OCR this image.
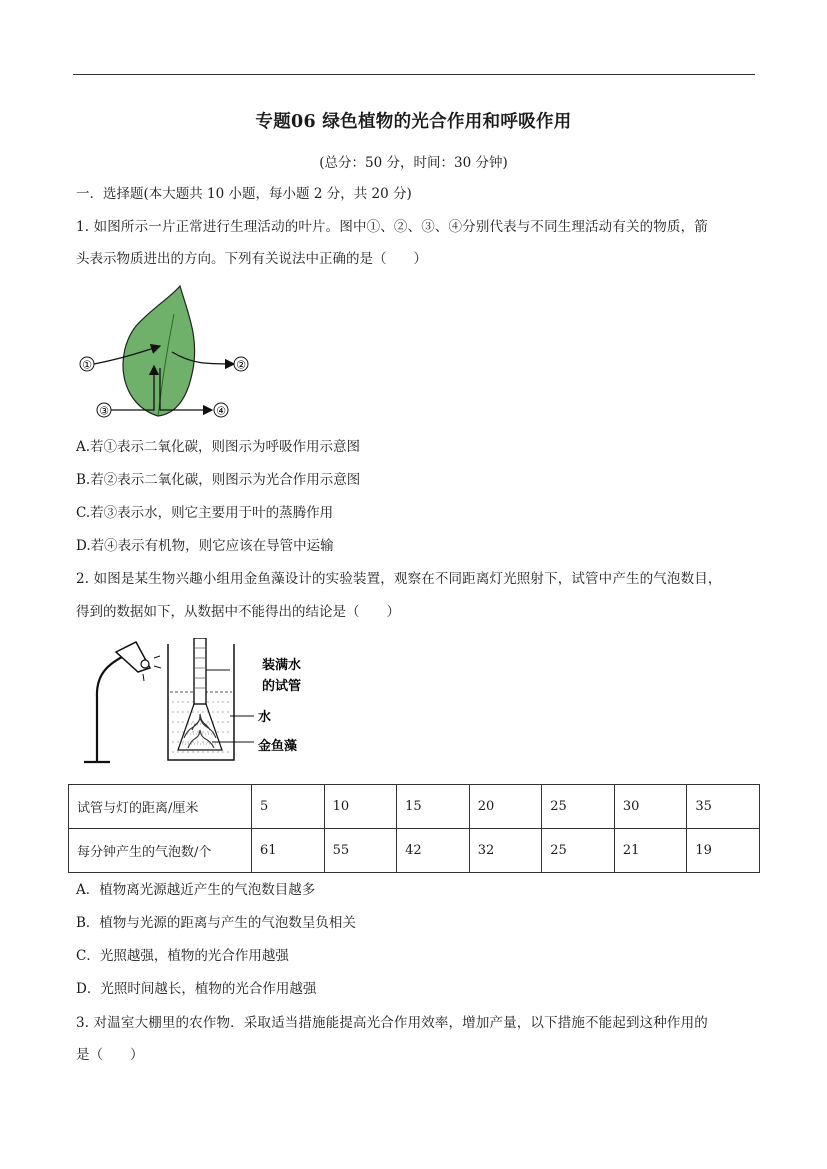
专题06 绿色植物的光合作用和呼吸作用
(总分：50 分，时间：30 分钟)
一．选择题(本大题共 10 小题，每小题 2 分，共 20 分)
1. 如图所示一片正常进行生理活动的叶片。图中①、②、③、④分别代表与不同生理活动有关的物质，箭
头表示物质进出的方向。下列有关说法中正确的是（　　）
①	②
③	④
A.若①表示二氧化碳，则图示为呼吸作用示意图
B.若②表示二氧化碳，则图示为光合作用示意图
C.若③表示水，则它主要用于叶的蒸腾作用
D.若④表示有机物，则它应该在导管中运输
2. 如图是某生物兴趣小组用金鱼藻设计的实验装置，观察在不同距离灯光照射下，试管中产生的气泡数目，
得到的数据如下，从数据中不能得出的结论是（　　）
装满水
的试管
水
金鱼藻
试管与灯的距离/厘米	5	10	15	20	25	30	35
每分钟产生的气泡数/个	61	55	42	32	25	21	19
A．植物离光源越近产生的气泡数目越多
B．植物与光源的距离与产生的气泡数呈负相关
C．光照越强，植物的光合作用越强
D．光照时间越长，植物的光合作用越强
3. 对温室大棚里的农作物．采取适当措施能提高光合作用效率，增加产量，以下措施不能起到这种作用的
是（　　）
